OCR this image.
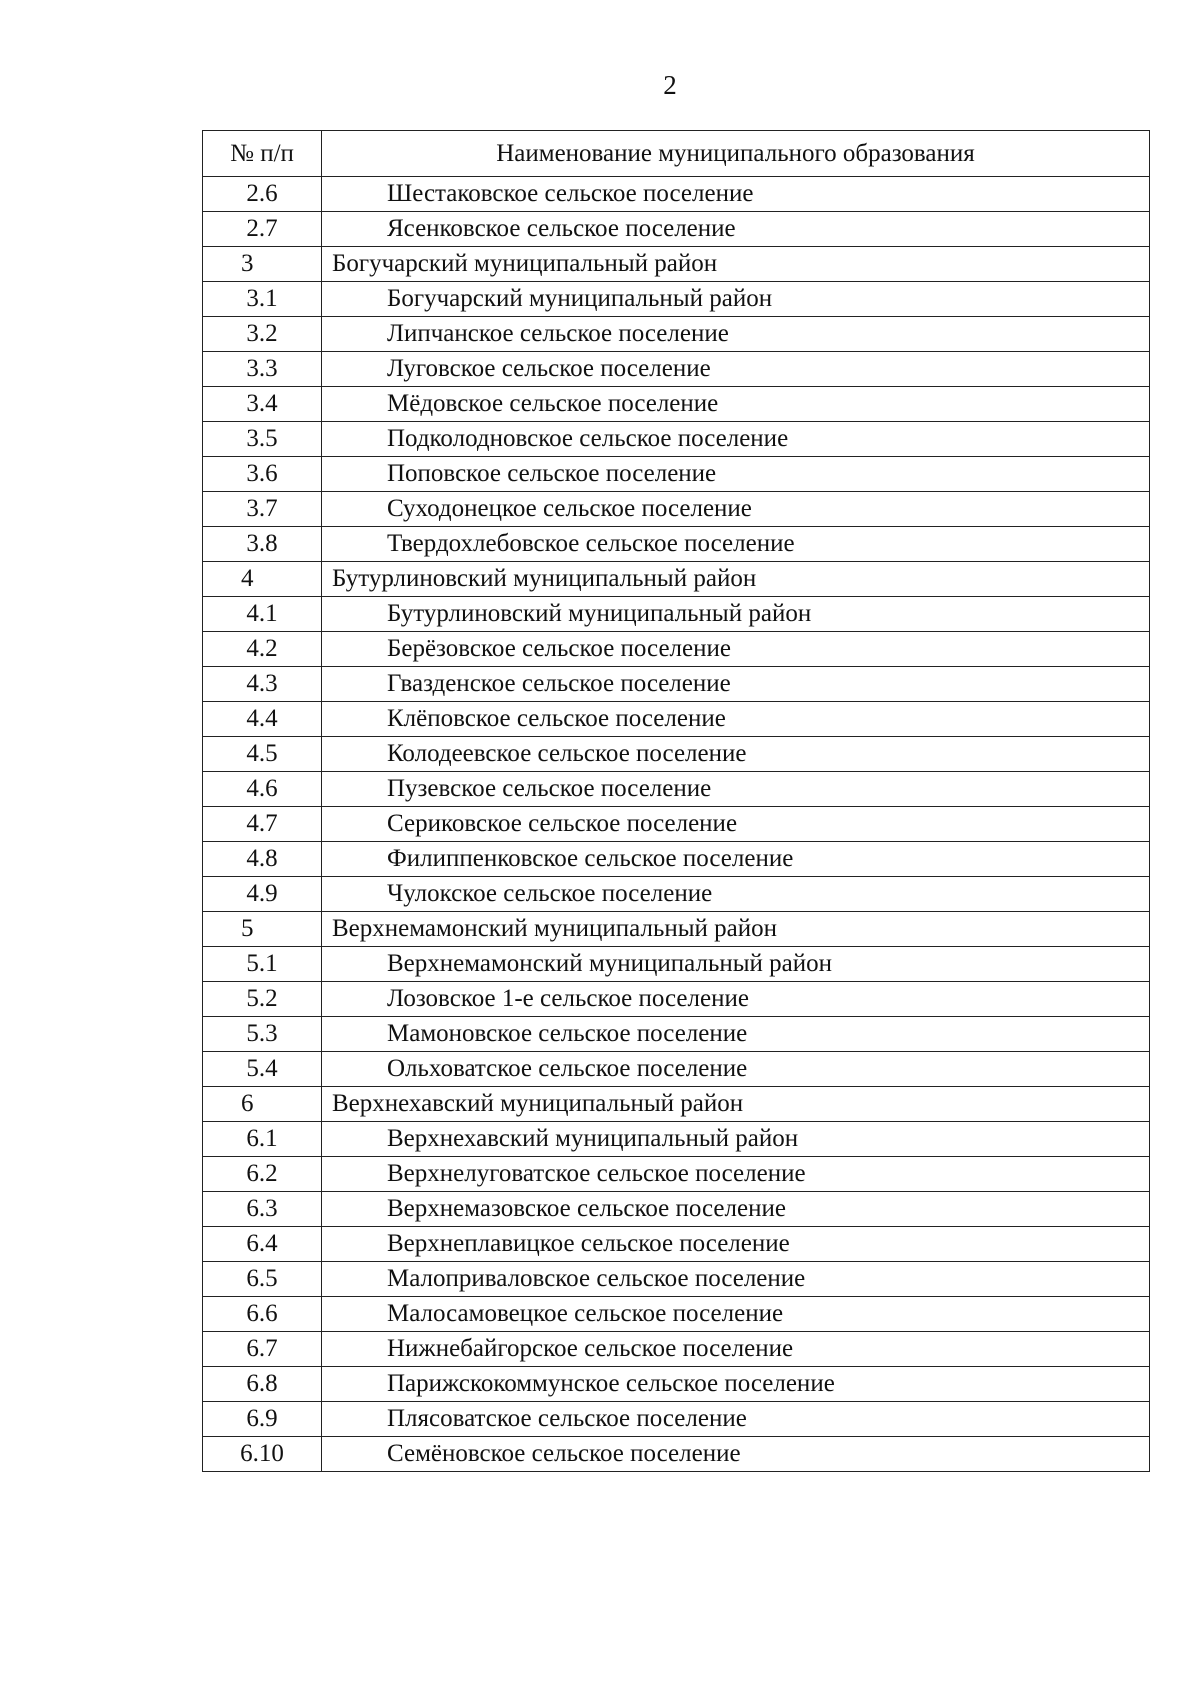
2
№ п/п	Наименование муниципального образования
2.6	Шестаковское сельское поселение
2.7	Ясенковское сельское поселение
3	Богучарский муниципальный район
3.1	Богучарский муниципальный район
3.2	Липчанское сельское поселение
3.3	Луговское сельское поселение
3.4	Мёдовское сельское поселение
3.5	Подколодновское сельское поселение
3.6	Поповское сельское поселение
3.7	Суходонецкое сельское поселение
3.8	Твердохлебовское сельское поселение
4	Бутурлиновский муниципальный район
4.1	Бутурлиновский муниципальный район
4.2	Берёзовское сельское поселение
4.3	Гвазденское сельское поселение
4.4	Клёповское сельское поселение
4.5	Колодеевское сельское поселение
4.6	Пузевское сельское поселение
4.7	Сериковское сельское поселение
4.8	Филиппенковское сельское поселение
4.9	Чулокское сельское поселение
5	Верхнемамонский муниципальный район
5.1	Верхнемамонский муниципальный район
5.2	Лозовское 1-е сельское поселение
5.3	Мамоновское сельское поселение
5.4	Ольховатское сельское поселение
6	Верхнехавский муниципальный район
6.1	Верхнехавский муниципальный район
6.2	Верхнелуговатское сельское поселение
6.3	Верхнемазовское сельское поселение
6.4	Верхнеплавицкое сельское поселение
6.5	Малоприваловское сельское поселение
6.6	Малосамовецкое сельское поселение
6.7	Нижнебайгорское сельское поселение
6.8	Парижскокоммунское сельское поселение
6.9	Плясоватское сельское поселение
6.10	Семёновское сельское поселение
